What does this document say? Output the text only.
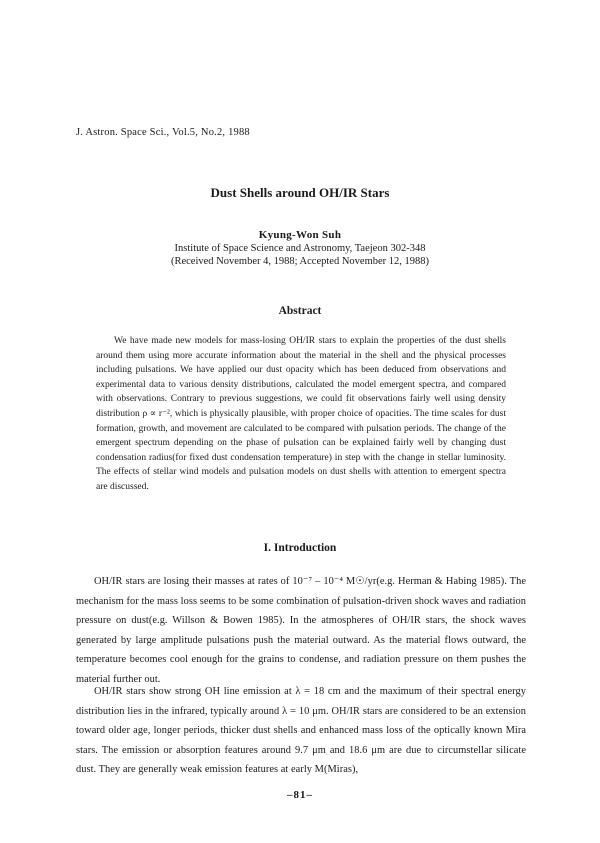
J. Astron. Space Sci., Vol.5, No.2, 1988
Dust Shells around OH/IR Stars
Kyung-Won Suh
Institute of Space Science and Astronomy, Taejeon 302-348
(Received November 4, 1988; Accepted November 12, 1988)
Abstract

We have made new models for mass-losing OH/IR stars to explain the properties of the dust shells around them using more accurate information about the material in the shell and the physical processes including pulsations. We have applied our dust opacity which has been deduced from observations and experimental data to various density distributions, calculated the model emergent spectra, and compared with observations. Contrary to previous suggestions, we could fit observations fairly well using density distribution ρ ∝ r⁻², which is physically plausible, with proper choice of opacities. The time scales for dust formation, growth, and movement are calculated to be compared with pulsation periods. The change of the emergent spectrum depending on the phase of pulsation can be explained fairly well by changing dust condensation radius(for fixed dust condensation temperature) in step with the change in stellar luminosity. The effects of stellar wind models and pulsation models on dust shells with attention to emergent spectra are discussed.

I. Introduction

OH/IR stars are losing their masses at rates of 10⁻⁷ – 10⁻⁴ M☉/yr(e.g. Herman & Habing 1985). The mechanism for the mass loss seems to be some combination of pulsation-driven shock waves and radiation pressure on dust(e.g. Willson & Bowen 1985). In the atmospheres of OH/IR stars, the shock waves generated by large amplitude pulsations push the material outward. As the material flows outward, the temperature becomes cool enough for the grains to condense, and radiation pressure on them pushes the material further out.

OH/IR stars show strong OH line emission at λ = 18 cm and the maximum of their spectral energy distribution lies in the infrared, typically around λ = 10 μm. OH/IR stars are considered to be an extension toward older age, longer periods, thicker dust shells and enhanced mass loss of the optically known Mira stars. The emission or absorption features around 9.7 μm and 18.6 μm are due to circumstellar silicate dust. They are generally weak emission features at early M(Miras),

–81–
